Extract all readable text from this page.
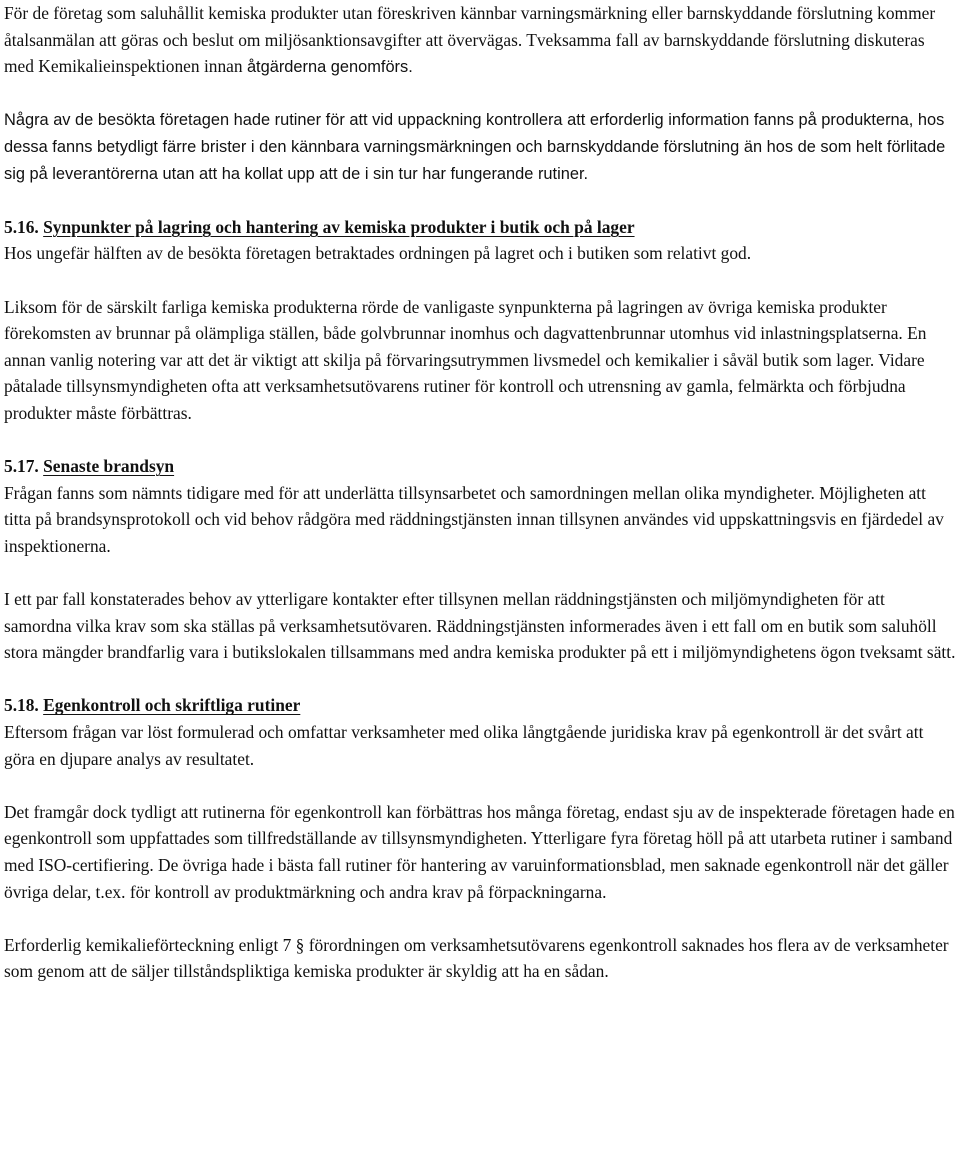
För de företag som saluhållit kemiska produkter utan föreskriven kännbar varningsmärkning eller barnskyddande förslutning kommer åtalsanmälan att göras och beslut om miljösanktionsavgifter att övervägas. Tveksamma fall av barnskyddande förslutning diskuteras med Kemikalieinspektionen innan åtgärderna genomförs.

Några av de besökta företagen hade rutiner för att vid uppackning kontrollera att erforderlig information fanns på produkterna, hos dessa fanns betydligt färre brister i den kännbara varningsmärkningen och barnskyddande förslutning än hos de som helt förlitade sig på leverantörerna utan att ha kollat upp att de i sin tur har fungerande rutiner.

5.16. Synpunkter på lagring och hantering av kemiska produkter i butik och på lager

Hos ungefär hälften av de besökta företagen betraktades ordningen på lagret och i butiken som relativt god.

Liksom för de särskilt farliga kemiska produkterna rörde de vanligaste synpunkterna på lagringen av övriga kemiska produkter förekomsten av brunnar på olämpliga ställen, både golvbrunnar inomhus och dagvattenbrunnar utomhus vid inlastningsplatserna. En annan vanlig notering var att det är viktigt att skilja på förvaringsutrymmen livsmedel och kemikalier i såväl butik som lager. Vidare påtalade tillsynsmyndigheten ofta att verksamhetsutövarens rutiner för kontroll och utrensning av gamla, felmärkta och förbjudna produkter måste förbättras.

5.17. Senaste brandsyn

Frågan fanns som nämnts tidigare med för att underlätta tillsynsarbetet och samordningen mellan olika myndigheter. Möjligheten att titta på brandsynsprotokoll och vid behov rådgöra med räddningstjänsten innan tillsynen användes vid uppskattningsvis en fjärdedel av inspektionerna.

I ett par fall konstaterades behov av ytterligare kontakter efter tillsynen mellan räddningstjänsten och miljömyndigheten för att samordna vilka krav som ska ställas på verksamhetsutövaren. Räddningstjänsten informerades även i ett fall om en butik som saluhöll stora mängder brandfarlig vara i butikslokalen tillsammans med andra kemiska produkter på ett i miljömyndighetens ögon tveksamt sätt.

5.18. Egenkontroll och skriftliga rutiner

Eftersom frågan var löst formulerad och omfattar verksamheter med olika långtgående juridiska krav på egenkontroll är det svårt att göra en djupare analys av resultatet.

Det framgår dock tydligt att rutinerna för egenkontroll kan förbättras hos många företag, endast sju av de inspekterade företagen hade en egenkontroll som uppfattades som tillfredställande av tillsynsmyndigheten. Ytterligare fyra företag höll på att utarbeta rutiner i samband med ISO-certifiering. De övriga hade i bästa fall rutiner för hantering av varuinformationsblad, men saknade egenkontroll när det gäller övriga delar, t.ex. för kontroll av produktmärkning och andra krav på förpackningarna.

Erforderlig kemikalieförteckning enligt 7 § förordningen om verksamhetsutövarens egenkontroll saknades hos flera av de verksamheter som genom att de säljer tillståndspliktiga kemiska produkter är skyldig att ha en sådan.
